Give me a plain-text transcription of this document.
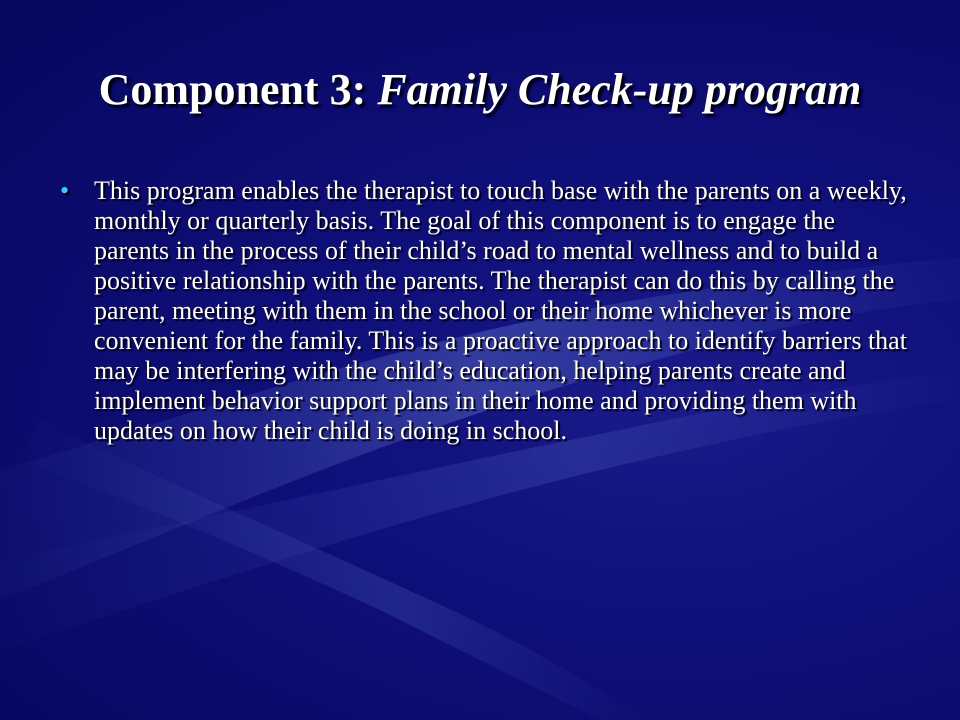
Component 3: Family Check-up program
• This program enables the therapist to touch base with the parents on a weekly, monthly or quarterly basis. The goal of this component is to engage the parents in the process of their child’s road to mental wellness and to build a positive relationship with the parents. The therapist can do this by calling the parent, meeting with them in the school or their home whichever is more convenient for the family. This is a proactive approach to identify barriers that may be interfering with the child’s education, helping parents create and implement behavior support plans in their home and providing them with updates on how their child is doing in school.
